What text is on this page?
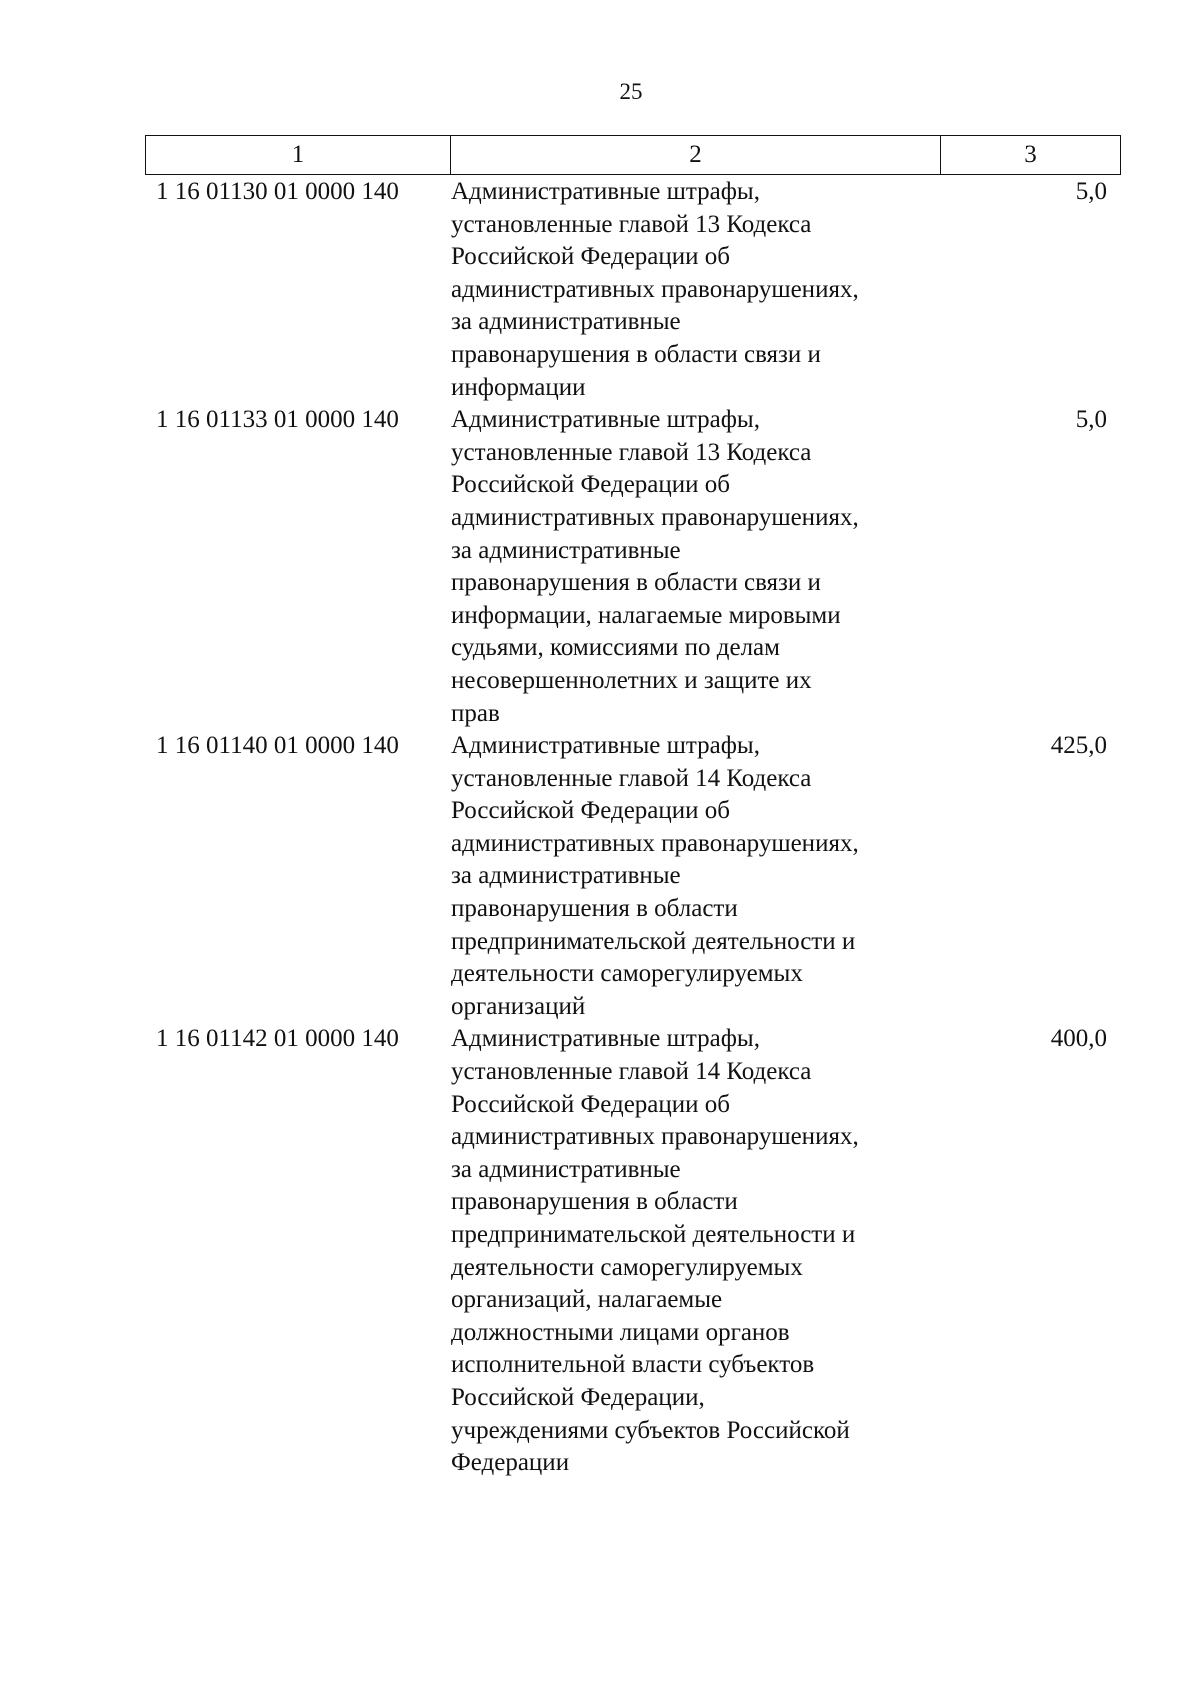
25
1	2	3
1 16 01130 01 0000 140	Административные штрафы,
установленные главой 13 Кодекса
Российской Федерации об
административных правонарушениях,
за административные
правонарушения в области связи и
информации
5,0
1 16 01133 01 0000 140	Административные штрафы,
установленные главой 13 Кодекса
Российской Федерации об
административных правонарушениях,
за административные
правонарушения в области связи и
информации, налагаемые мировыми
судьями, комиссиями по делам
несовершеннолетних и защите их
прав
5,0
1 16 01140 01 0000 140	Административные штрафы,
установленные главой 14 Кодекса
Российской Федерации об
административных правонарушениях,
за административные
правонарушения в области
предпринимательской деятельности и
деятельности саморегулируемых
организаций
425,0
1 16 01142 01 0000 140	Административные штрафы,
установленные главой 14 Кодекса
Российской Федерации об
административных правонарушениях,
за административные
правонарушения в области
предпринимательской деятельности и
деятельности саморегулируемых
организаций, налагаемые
должностными лицами органов
исполнительной власти субъектов
Российской Федерации,
учреждениями субъектов Российской
Федерации
400,0
